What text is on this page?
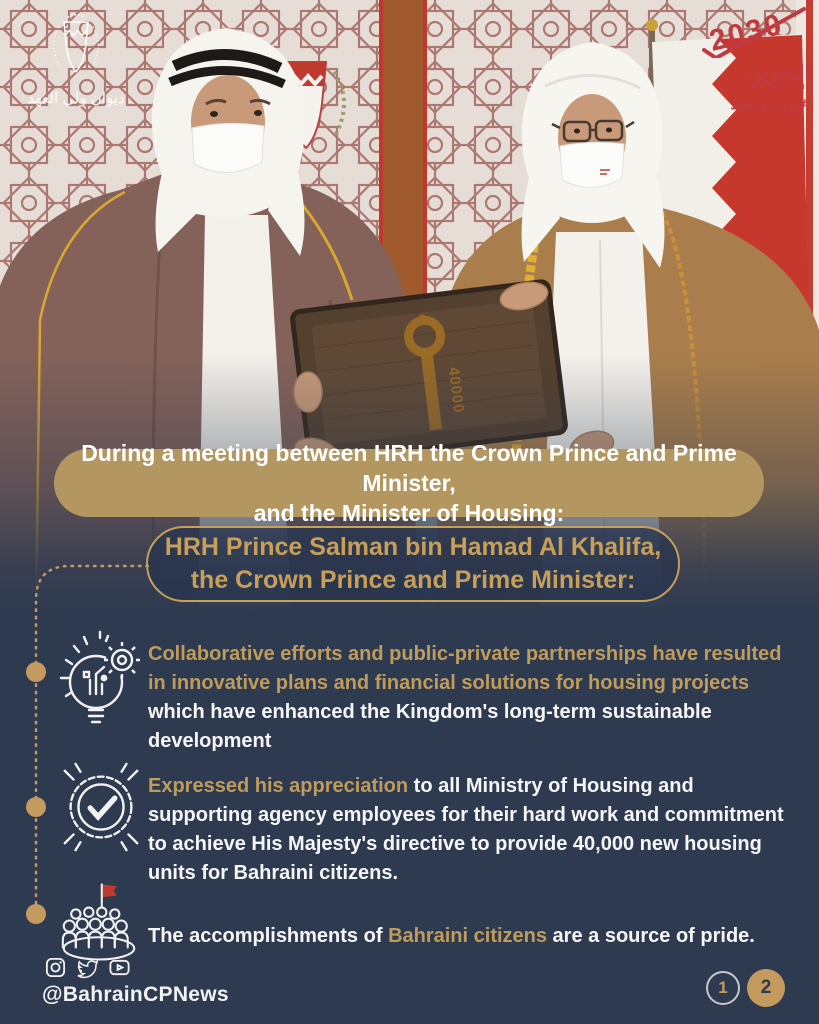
ديوان ولي العهد
2030
البحرين
BAHRAIN
#رؤية_وتنفيذ
During a meeting between HRH the Crown Prince and Prime Minister,
and the Minister of Housing:
HRH Prince Salman bin Hamad Al Khalifa,
the Crown Prince and Prime Minister:

Collaborative efforts and public-private partnerships have resulted in innovative plans and financial solutions for housing projects which have enhanced the Kingdom's long-term sustainable development

Expressed his appreciation to all Ministry of Housing and supporting agency employees for their hard work and commitment to achieve His Majesty's directive to provide 40,000 new housing units for Bahraini citizens.

The accomplishments of Bahraini citizens are a source of pride.

@BahrainCPNews	1	2
